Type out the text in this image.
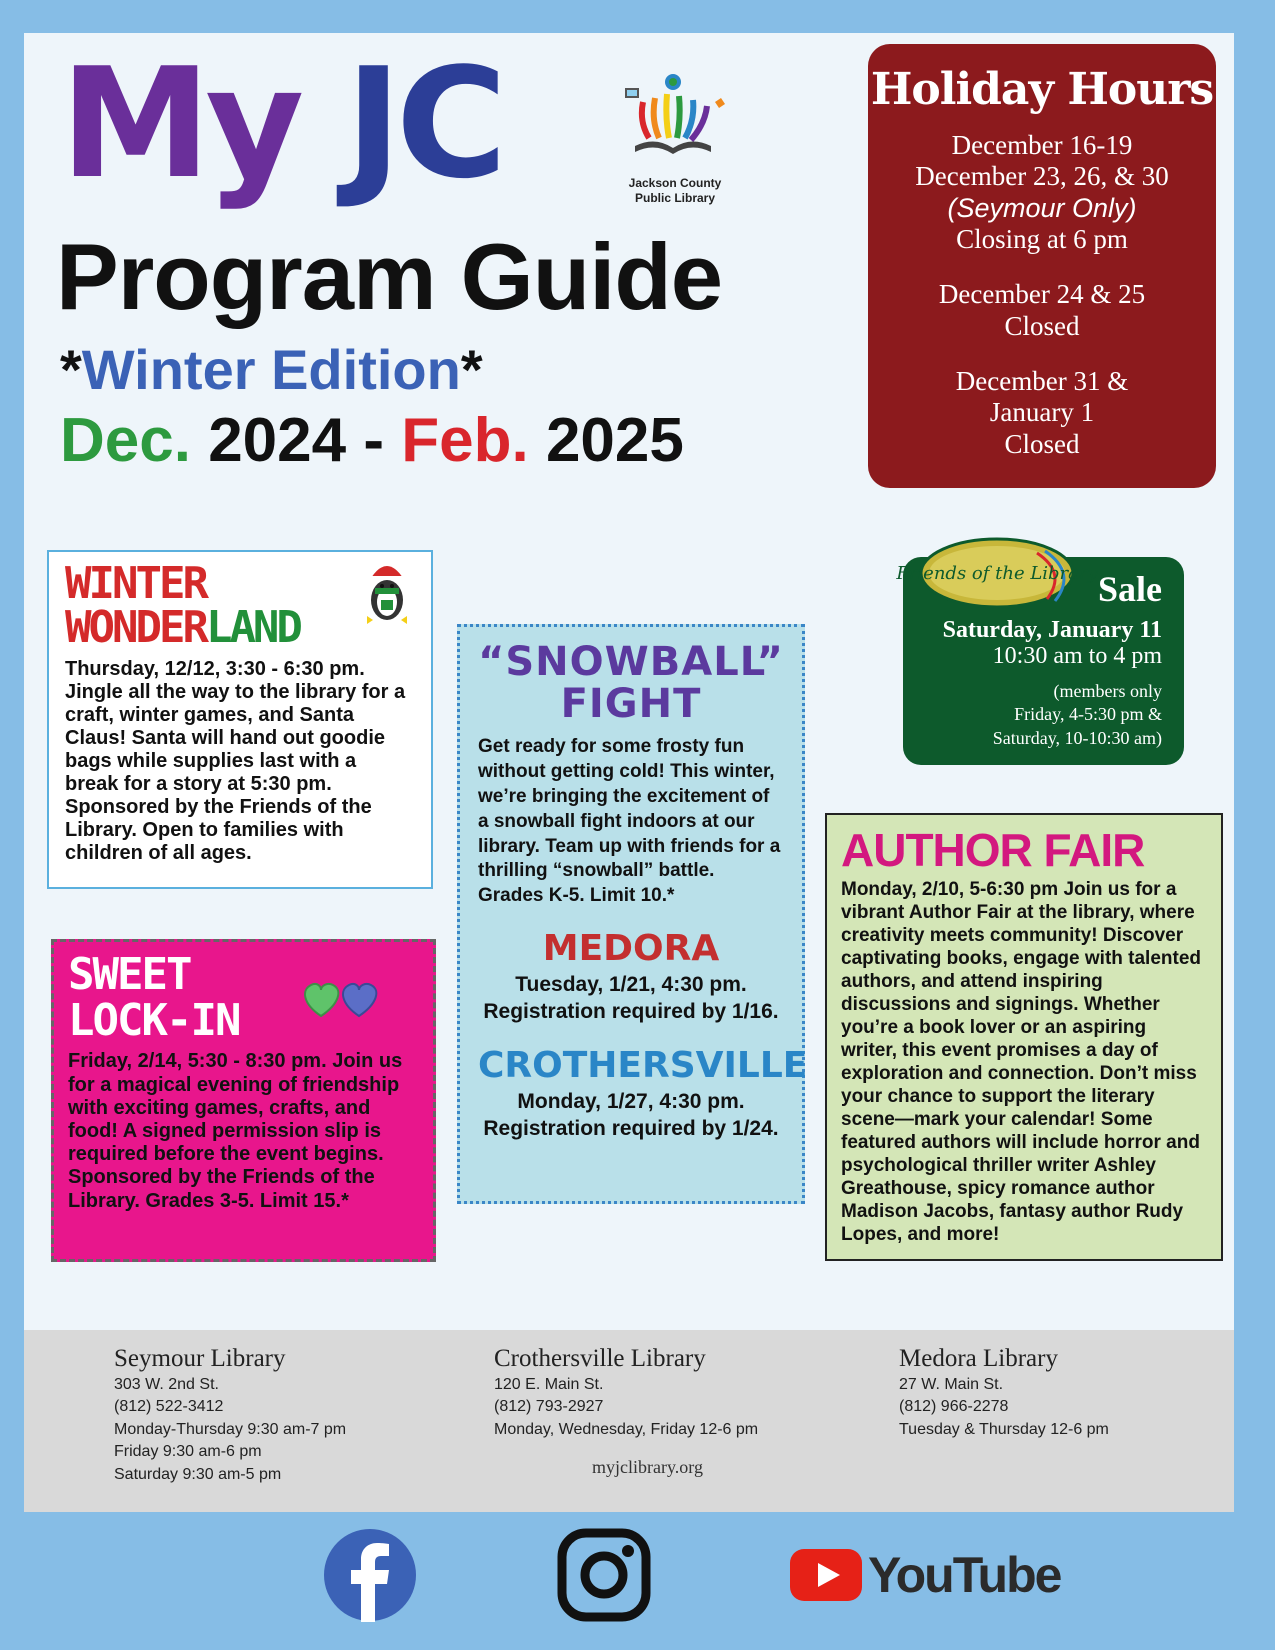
My JC	Jackson County
Public Library
Program Guide
*Winter Edition*
Dec. 2024 - Feb. 2025
Holiday Hours
December 16-19
December 23, 26, & 30
(Seymour Only)
Closing at 6 pm
December 24 & 25
Closed
December 31 &
January 1
Closed
Friends of the Library Sale
Saturday, January 11
10:30 am to 4 pm
(members only
Friday, 4-5:30 pm &
Saturday, 10-10:30 am)
WINTER
WONDERLAND

Thursday, 12/12, 3:30 - 6:30 pm. Jingle all the way to the library for a craft, winter games, and Santa Claus! Santa will hand out goodie bags while supplies last with a break for a story at 5:30 pm. Sponsored by the Friends of the Library. Open to families with children of all ages.

“SNOWBALL”
FIGHT

Get ready for some frosty fun without getting cold! This winter, we’re bringing the excitement of a snowball fight indoors at our library. Team up with friends for a thrilling “snowball” battle. Grades K-5. Limit 10.*

MEDORA

Tuesday, 1/21, 4:30 pm.
Registration required by 1/16.

CROTHERSVILLE

Monday, 1/27, 4:30 pm.
Registration required by 1/24.

SWEET
LOCK-IN

Friday, 2/14, 5:30 - 8:30 pm. Join us for a magical evening of friendship with exciting games, crafts, and food! A signed permission slip is required before the event begins. Sponsored by the Friends of the Library. Grades 3-5. Limit 15.*

AUTHOR FAIR

Monday, 2/10, 5-6:30 pm Join us for a vibrant Author Fair at the library, where creativity meets community! Discover captivating books, engage with talented authors, and attend inspiring discussions and signings. Whether you’re a book lover or an aspiring writer, this event promises a day of exploration and connection. Don’t miss your chance to support the literary scene—mark your calendar! Some featured authors will include horror and psychological thriller writer Ashley Greathouse, spicy romance author Madison Jacobs, fantasy author Rudy Lopes, and more!

Seymour Library
303 W. 2nd St.
(812) 522-3412
Monday-Thursday 9:30 am-7 pm
Friday 9:30 am-6 pm
Saturday 9:30 am-5 pm
Crothersville Library
120 E. Main St.
(812) 793-2927
Monday, Wednesday, Friday 12-6 pm
Medora Library
27 W. Main St.
(812) 966-2278
Tuesday & Thursday 12-6 pm
myjclibrary.org
YouTube
